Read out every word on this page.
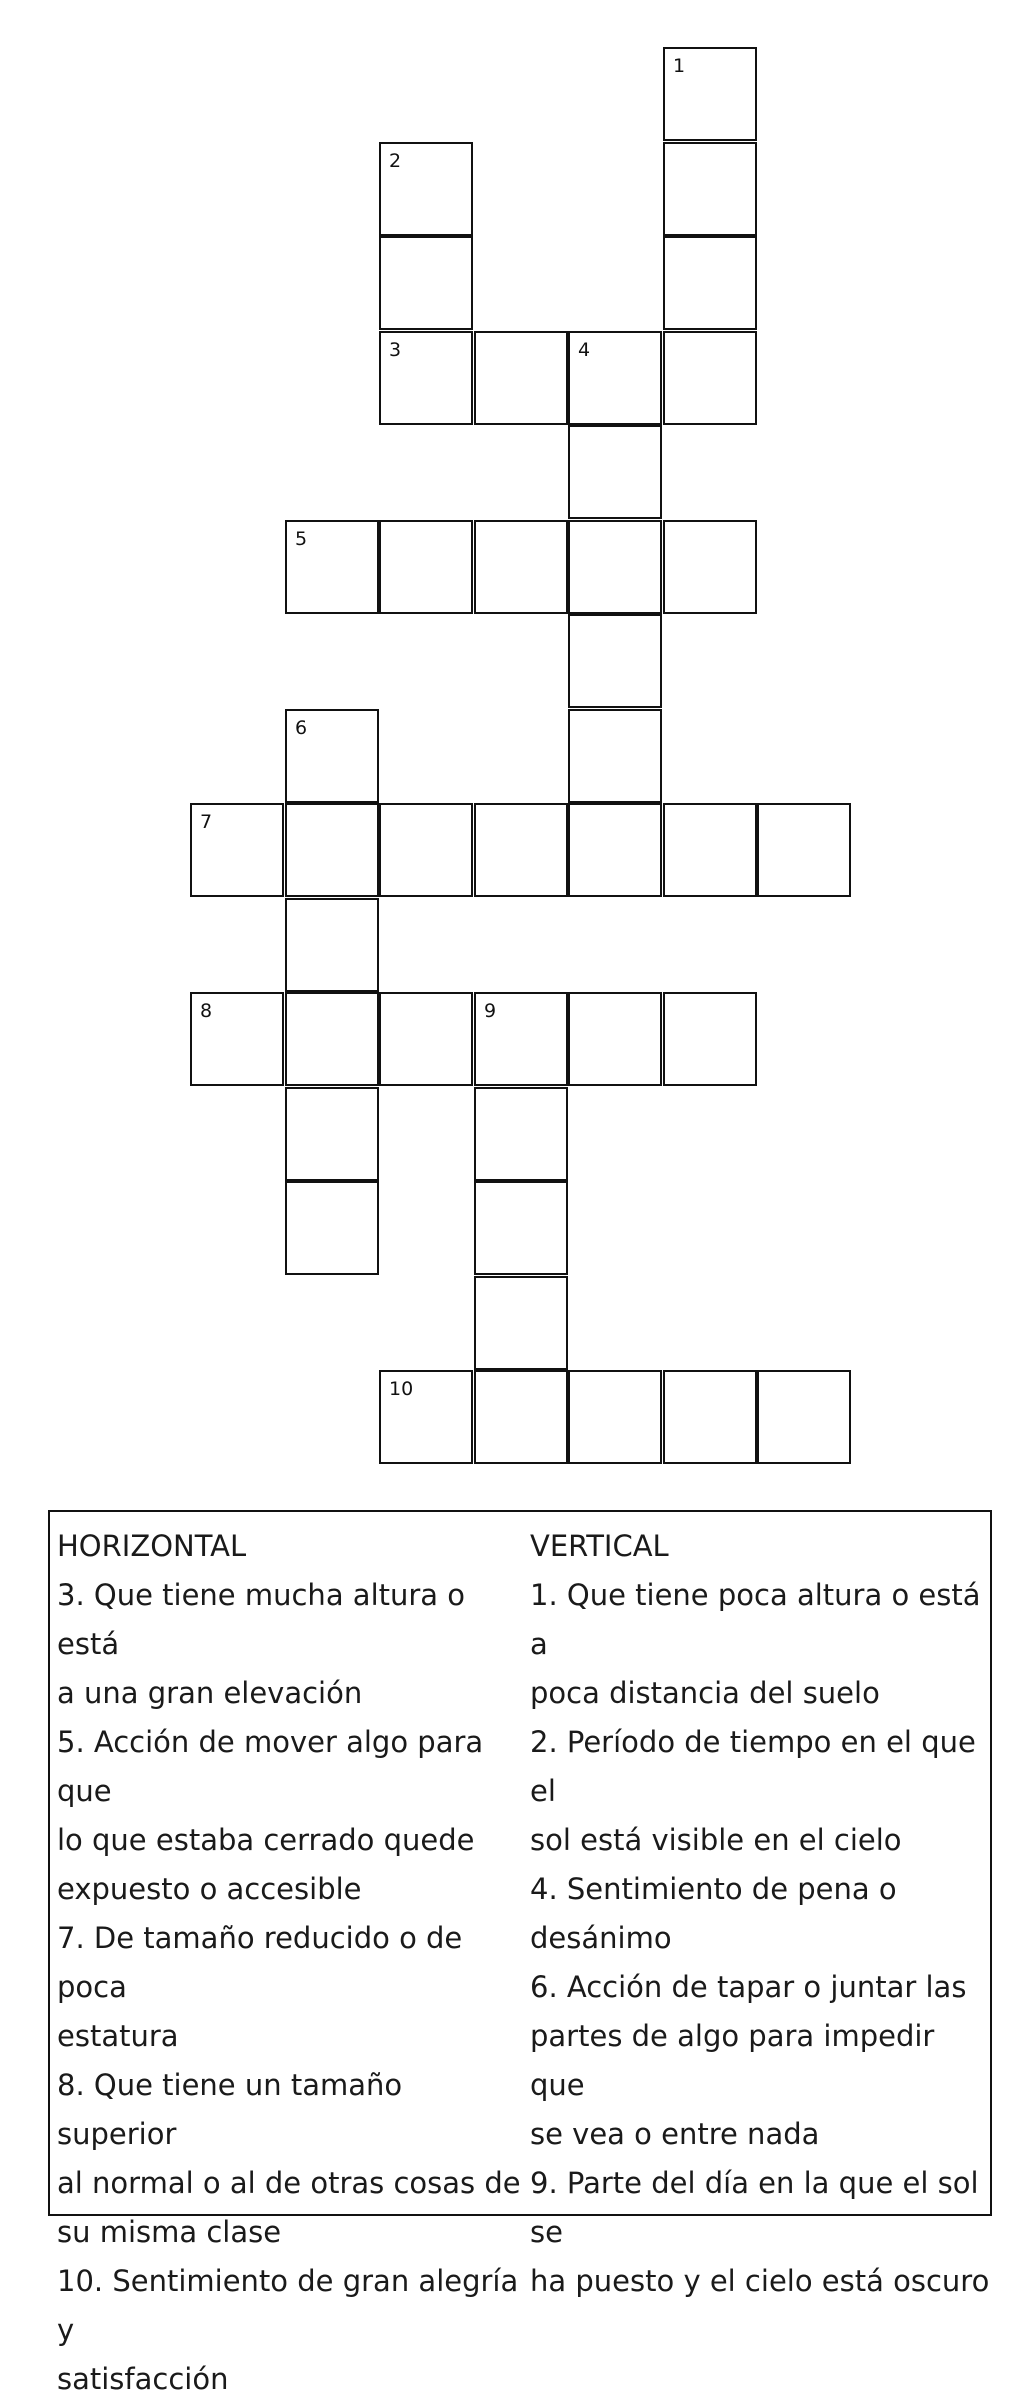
1
2
3	4
5
6
7
8	9
10
HORIZONTAL
3. Que tiene mucha altura o está
a una gran elevación
5. Acción de mover algo para que
lo que estaba cerrado quede
expuesto o accesible
7. De tamaño reducido o de poca
estatura
8. Que tiene un tamaño superior
al normal o al de otras cosas de
su misma clase
10. Sentimiento de gran alegría y
satisfacción
VERTICAL
1. Que tiene poca altura o está a
poca distancia del suelo
2. Período de tiempo en el que el
sol está visible en el cielo
4. Sentimiento de pena o
desánimo
6. Acción de tapar o juntar las
partes de algo para impedir que
se vea o entre nada
9. Parte del día en la que el sol se
ha puesto y el cielo está oscuro
